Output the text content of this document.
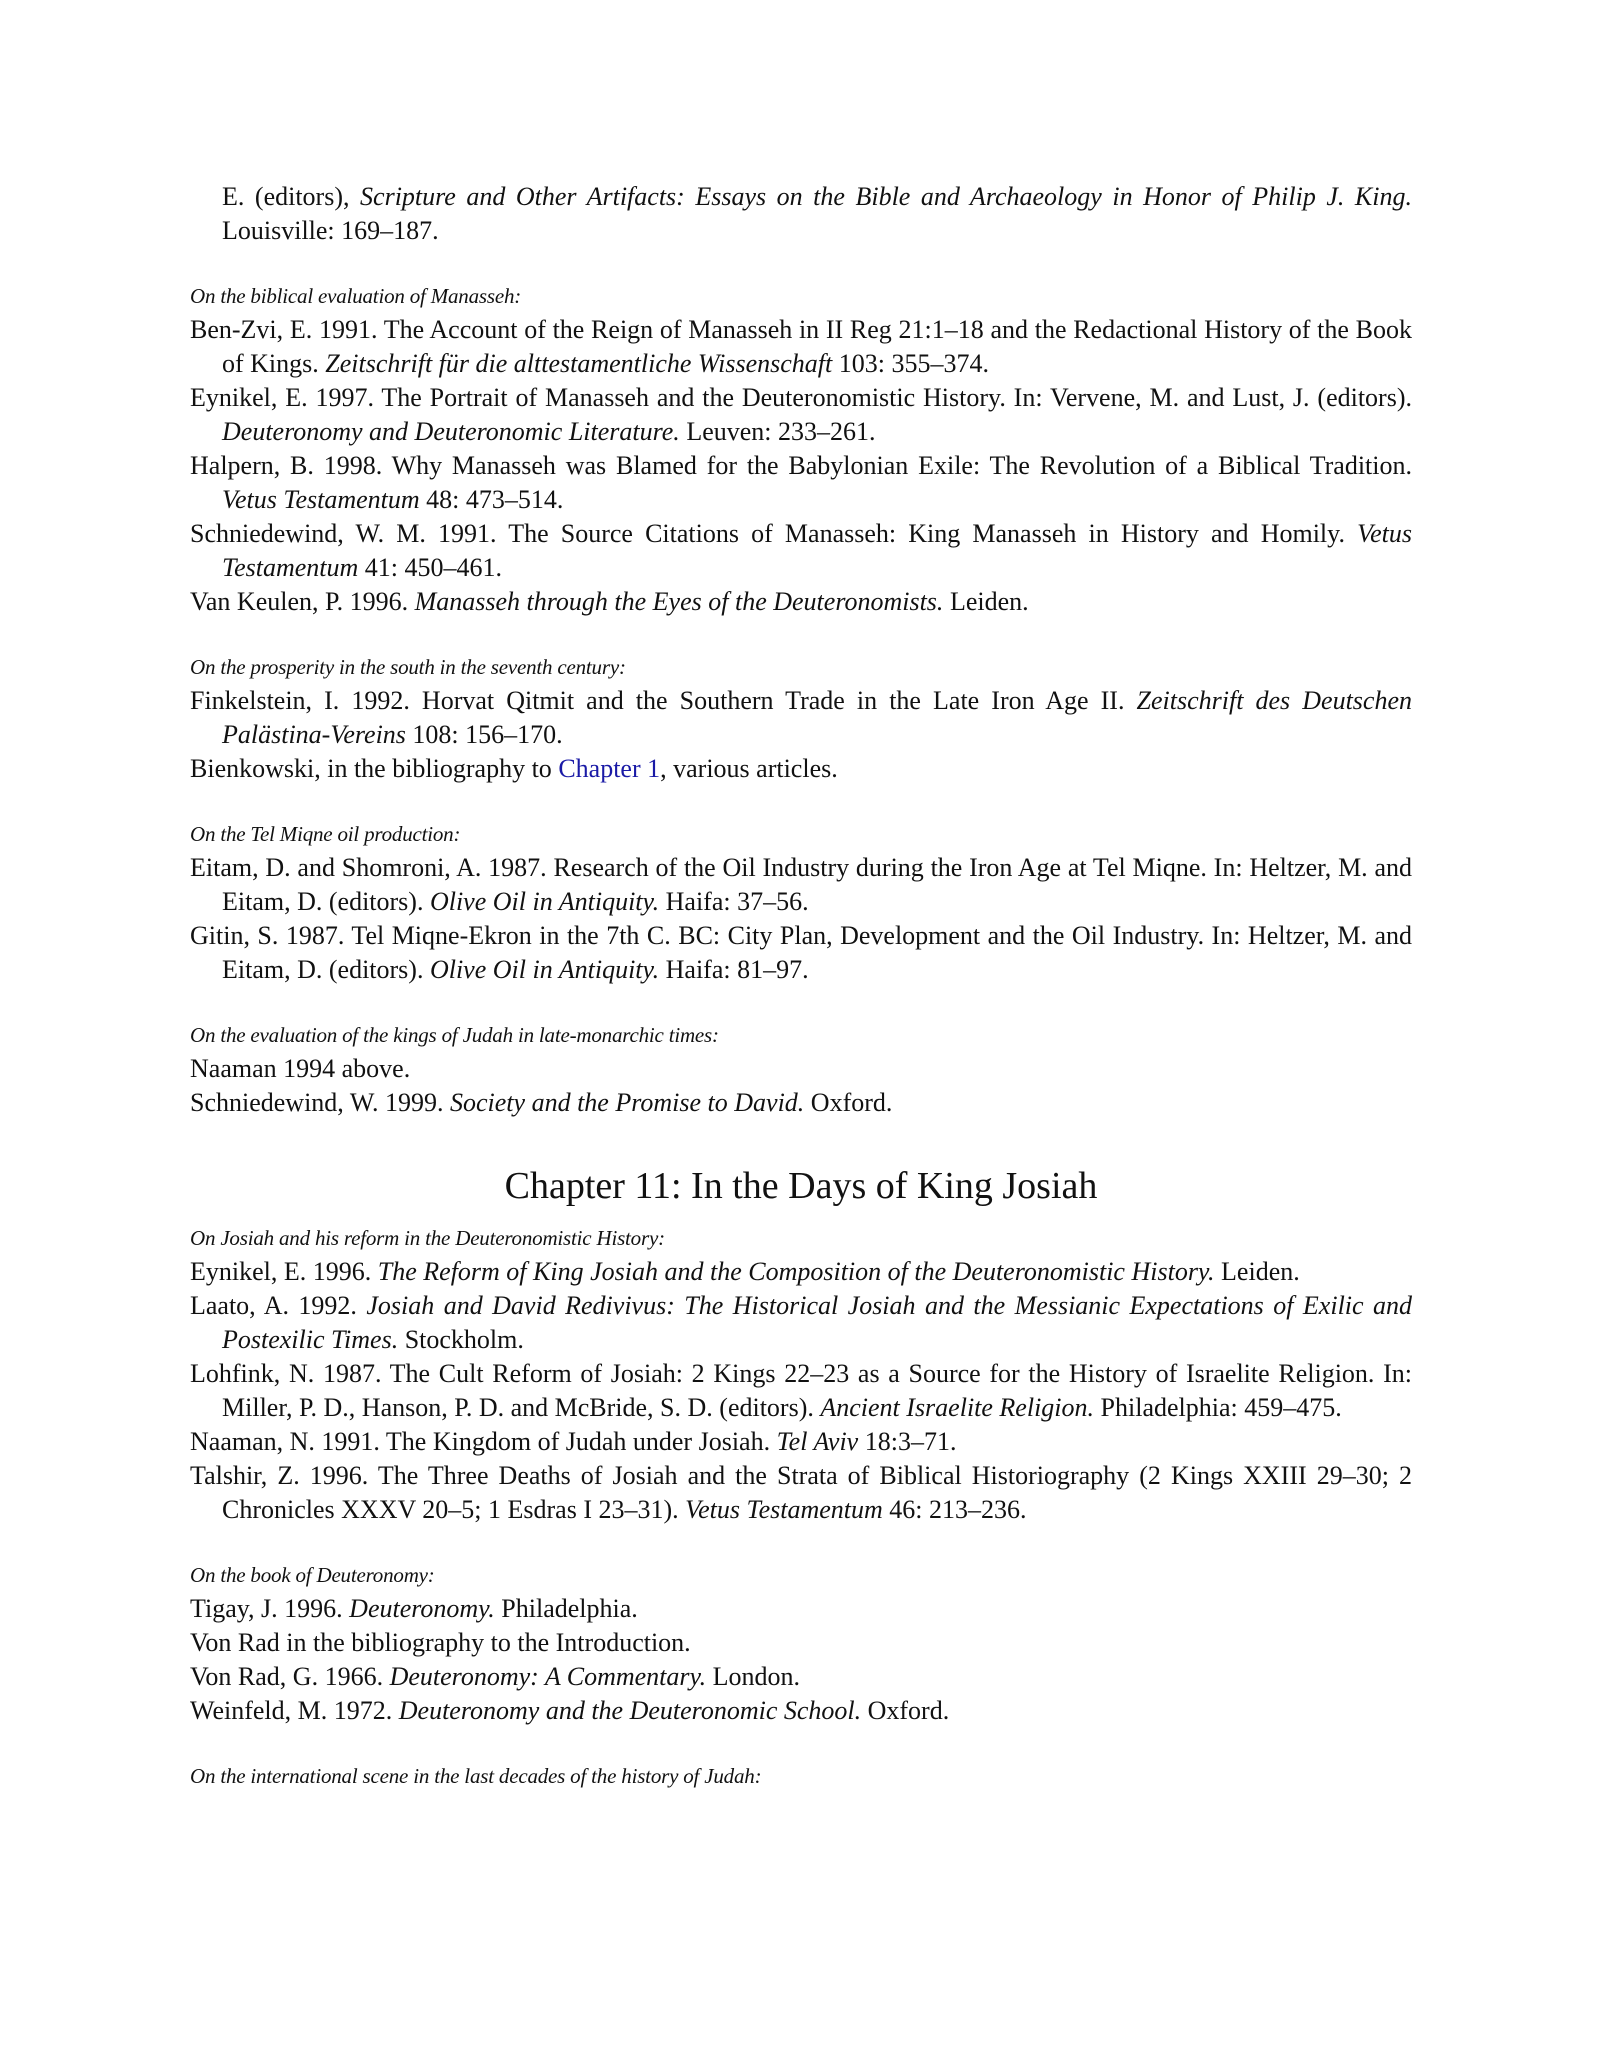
E. (editors), Scripture and Other Artifacts: Essays on the Bible and Archaeology in Honor of Philip J. King. Louisville: 169–187.

On the biblical evaluation of Manasseh:

Ben-Zvi, E. 1991. The Account of the Reign of Manasseh in II Reg 21:1–18 and the Redactional History of the Book of Kings. Zeitschrift für die alttestamentliche Wissenschaft 103: 355–374.

Eynikel, E. 1997. The Portrait of Manasseh and the Deuteronomistic History. In: Vervene, M. and Lust, J. (editors). Deuteronomy and Deuteronomic Literature. Leuven: 233–261.

Halpern, B. 1998. Why Manasseh was Blamed for the Babylonian Exile: The Revolution of a Biblical Tradition. Vetus Testamentum 48: 473–514.

Schniedewind, W. M. 1991. The Source Citations of Manasseh: King Manasseh in History and Homily. Vetus Testamentum 41: 450–461.

Van Keulen, P. 1996. Manasseh through the Eyes of the Deuteronomists. Leiden.

On the prosperity in the south in the seventh century:

Finkelstein, I. 1992. Horvat Qitmit and the Southern Trade in the Late Iron Age II. Zeitschrift des Deutschen Palästina-Vereins 108: 156–170.

Bienkowski, in the bibliography to Chapter 1, various articles.

On the Tel Miqne oil production:

Eitam, D. and Shomroni, A. 1987. Research of the Oil Industry during the Iron Age at Tel Miqne. In: Heltzer, M. and Eitam, D. (editors). Olive Oil in Antiquity. Haifa: 37–56.

Gitin, S. 1987. Tel Miqne-Ekron in the 7th C. BC: City Plan, Development and the Oil Industry. In: Heltzer, M. and Eitam, D. (editors). Olive Oil in Antiquity. Haifa: 81–97.

On the evaluation of the kings of Judah in late-monarchic times:

Naaman 1994 above.

Schniedewind, W. 1999. Society and the Promise to David. Oxford.

Chapter 11: In the Days of King Josiah

On Josiah and his reform in the Deuteronomistic History:

Eynikel, E. 1996. The Reform of King Josiah and the Composition of the Deuteronomistic History. Leiden.

Laato, A. 1992. Josiah and David Redivivus: The Historical Josiah and the Messianic Expectations of Exilic and Postexilic Times. Stockholm.

Lohfink, N. 1987. The Cult Reform of Josiah: 2 Kings 22–23 as a Source for the History of Israelite Religion. In: Miller, P. D., Hanson, P. D. and McBride, S. D. (editors). Ancient Israelite Religion. Philadelphia: 459–475.

Naaman, N. 1991. The Kingdom of Judah under Josiah. Tel Aviv 18:3–71.

Talshir, Z. 1996. The Three Deaths of Josiah and the Strata of Biblical Historiography (2 Kings XXIII 29–30; 2 Chronicles XXXV 20–5; 1 Esdras I 23–31). Vetus Testamentum 46: 213–236.

On the book of Deuteronomy:

Tigay, J. 1996. Deuteronomy. Philadelphia.

Von Rad in the bibliography to the Introduction.

Von Rad, G. 1966. Deuteronomy: A Commentary. London.

Weinfeld, M. 1972. Deuteronomy and the Deuteronomic School. Oxford.

On the international scene in the last decades of the history of Judah:
